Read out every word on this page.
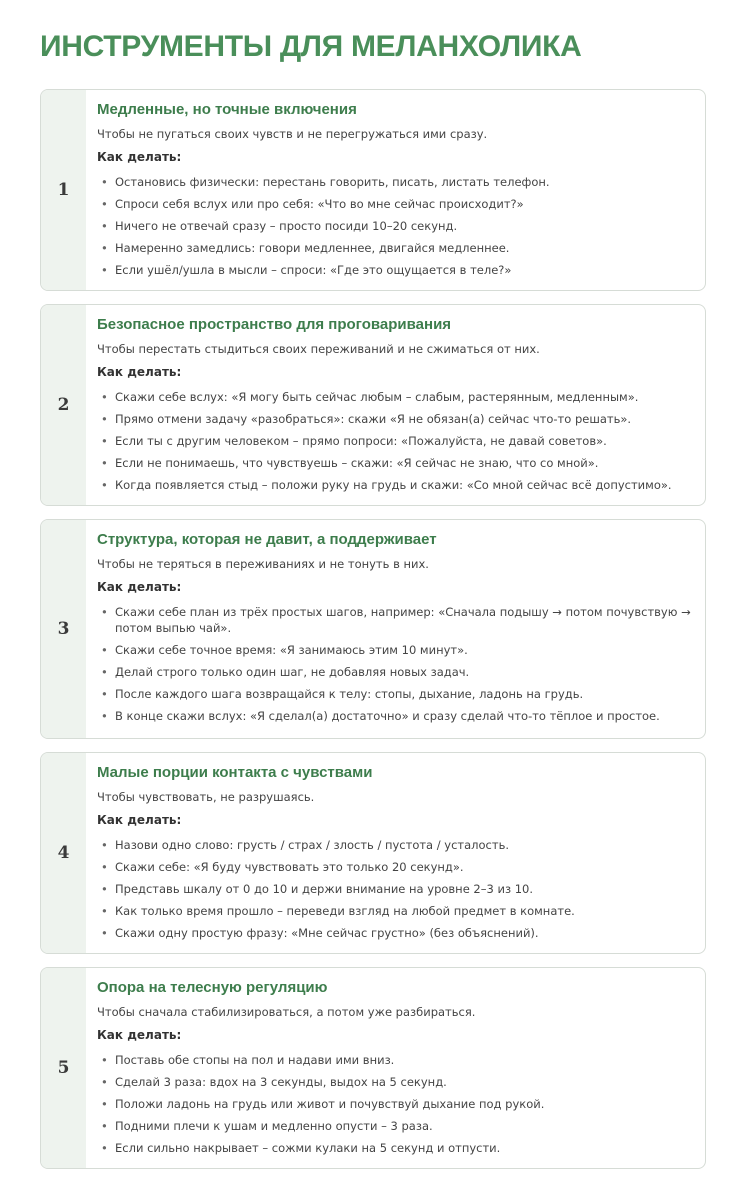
ИНСТРУМЕНТЫ ДЛЯ МЕЛАНХОЛИКА
1
Медленные, но точные включения
Чтобы не пугаться своих чувств и не перегружаться ими сразу.
Как делать:
• Остановись физически: перестань говорить, писать, листать телефон.
• Спроси себя вслух или про себя: «Что во мне сейчас происходит?»
• Ничего не отвечай сразу – просто посиди 10–20 секунд.
• Намеренно замедлись: говори медленнее, двигайся медленнее.
• Если ушёл/ушла в мысли – спроси: «Где это ощущается в теле?»
2
Безопасное пространство для проговаривания
Чтобы перестать стыдиться своих переживаний и не сжиматься от них.
Как делать:
• Скажи себе вслух: «Я могу быть сейчас любым – слабым, растерянным, медленным».
• Прямо отмени задачу «разобраться»: скажи «Я не обязан(а) сейчас что-то решать».
• Если ты с другим человеком – прямо попроси: «Пожалуйста, не давай советов».
• Если не понимаешь, что чувствуешь – скажи: «Я сейчас не знаю, что со мной».
• Когда появляется стыд – положи руку на грудь и скажи: «Со мной сейчас всё допустимо».
3
Структура, которая не давит, а поддерживает
Чтобы не теряться в переживаниях и не тонуть в них.
Как делать:
• Скажи себе план из трёх простых шагов, например: «Сначала подышу → потом почувствую → потом выпью чай».
• Скажи себе точное время: «Я занимаюсь этим 10 минут».
• Делай строго только один шаг, не добавляя новых задач.
• После каждого шага возвращайся к телу: стопы, дыхание, ладонь на грудь.
• В конце скажи вслух: «Я сделал(а) достаточно» и сразу сделай что-то тёплое и простое.
4
Малые порции контакта с чувствами
Чтобы чувствовать, не разрушаясь.
Как делать:
• Назови одно слово: грусть / страх / злость / пустота / усталость.
• Скажи себе: «Я буду чувствовать это только 20 секунд».
• Представь шкалу от 0 до 10 и держи внимание на уровне 2–3 из 10.
• Как только время прошло – переведи взгляд на любой предмет в комнате.
• Скажи одну простую фразу: «Мне сейчас грустно» (без объяснений).
5
Опора на телесную регуляцию
Чтобы сначала стабилизироваться, а потом уже разбираться.
Как делать:
• Поставь обе стопы на пол и надави ими вниз.
• Сделай 3 раза: вдох на 3 секунды, выдох на 5 секунд.
• Положи ладонь на грудь или живот и почувствуй дыхание под рукой.
• Подними плечи к ушам и медленно опусти – 3 раза.
• Если сильно накрывает – сожми кулаки на 5 секунд и отпусти.
